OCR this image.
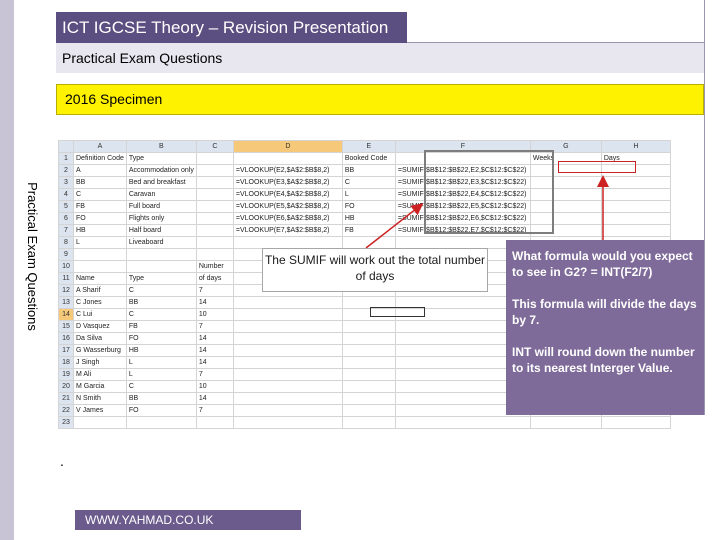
ICT IGCSE Theory – Revision Presentation
Practical Exam Questions
2016 Specimen
Practical Exam Questions
	A	B	C	D	E	F	G	H
1	Definition Code	Type			Booked Code		Weeks	Days
2	A	Accommodation only		=VLOOKUP(E2,$A$2:$B$8,2)	BB	=SUMIF($B$12:$B$22,E2,$C$12:$C$22)		
3	BB	Bed and breakfast		=VLOOKUP(E3,$A$2:$B$8,2)	C	=SUMIF($B$12:$B$22,E3,$C$12:$C$22)		
4	C	Caravan		=VLOOKUP(E4,$A$2:$B$8,2)	L	=SUMIF($B$12:$B$22,E4,$C$12:$C$22)		
5	FB	Full board		=VLOOKUP(E5,$A$2:$B$8,2)	FO	=SUMIF($B$12:$B$22,E5,$C$12:$C$22)		
6	FO	Flights only		=VLOOKUP(E6,$A$2:$B$8,2)	HB	=SUMIF($B$12:$B$22,E6,$C$12:$C$22)		
7	HB	Half board		=VLOOKUP(E7,$A$2:$B$8,2)	FB	=SUMIF($B$12:$B$22,E7,$C$12:$C$22)		
8	L	Liveaboard						
9								
10			Number					
11	Name	Type	of days					
12	A Sharif	C	7					
13	C Jones	BB	14					
14	C Lui	C	10					
15	D Vasquez	FB	7					
16	Da Silva	FO	14					
17	G Wasserburg	HB	14					
18	J Singh	L	14					
19	M Ali	L	7					
20	M Garcia	C	10					
21	N Smith	BB	14					
22	V James	FO	7					
23								
The SUMIF will work out the total number of days

What formula would you expect to see in G2? = INT(F2/7)

This formula will divide the days by 7.

INT will round down the number to its nearest Interger Value.

.
WWW.YAHMAD.CO.UK
